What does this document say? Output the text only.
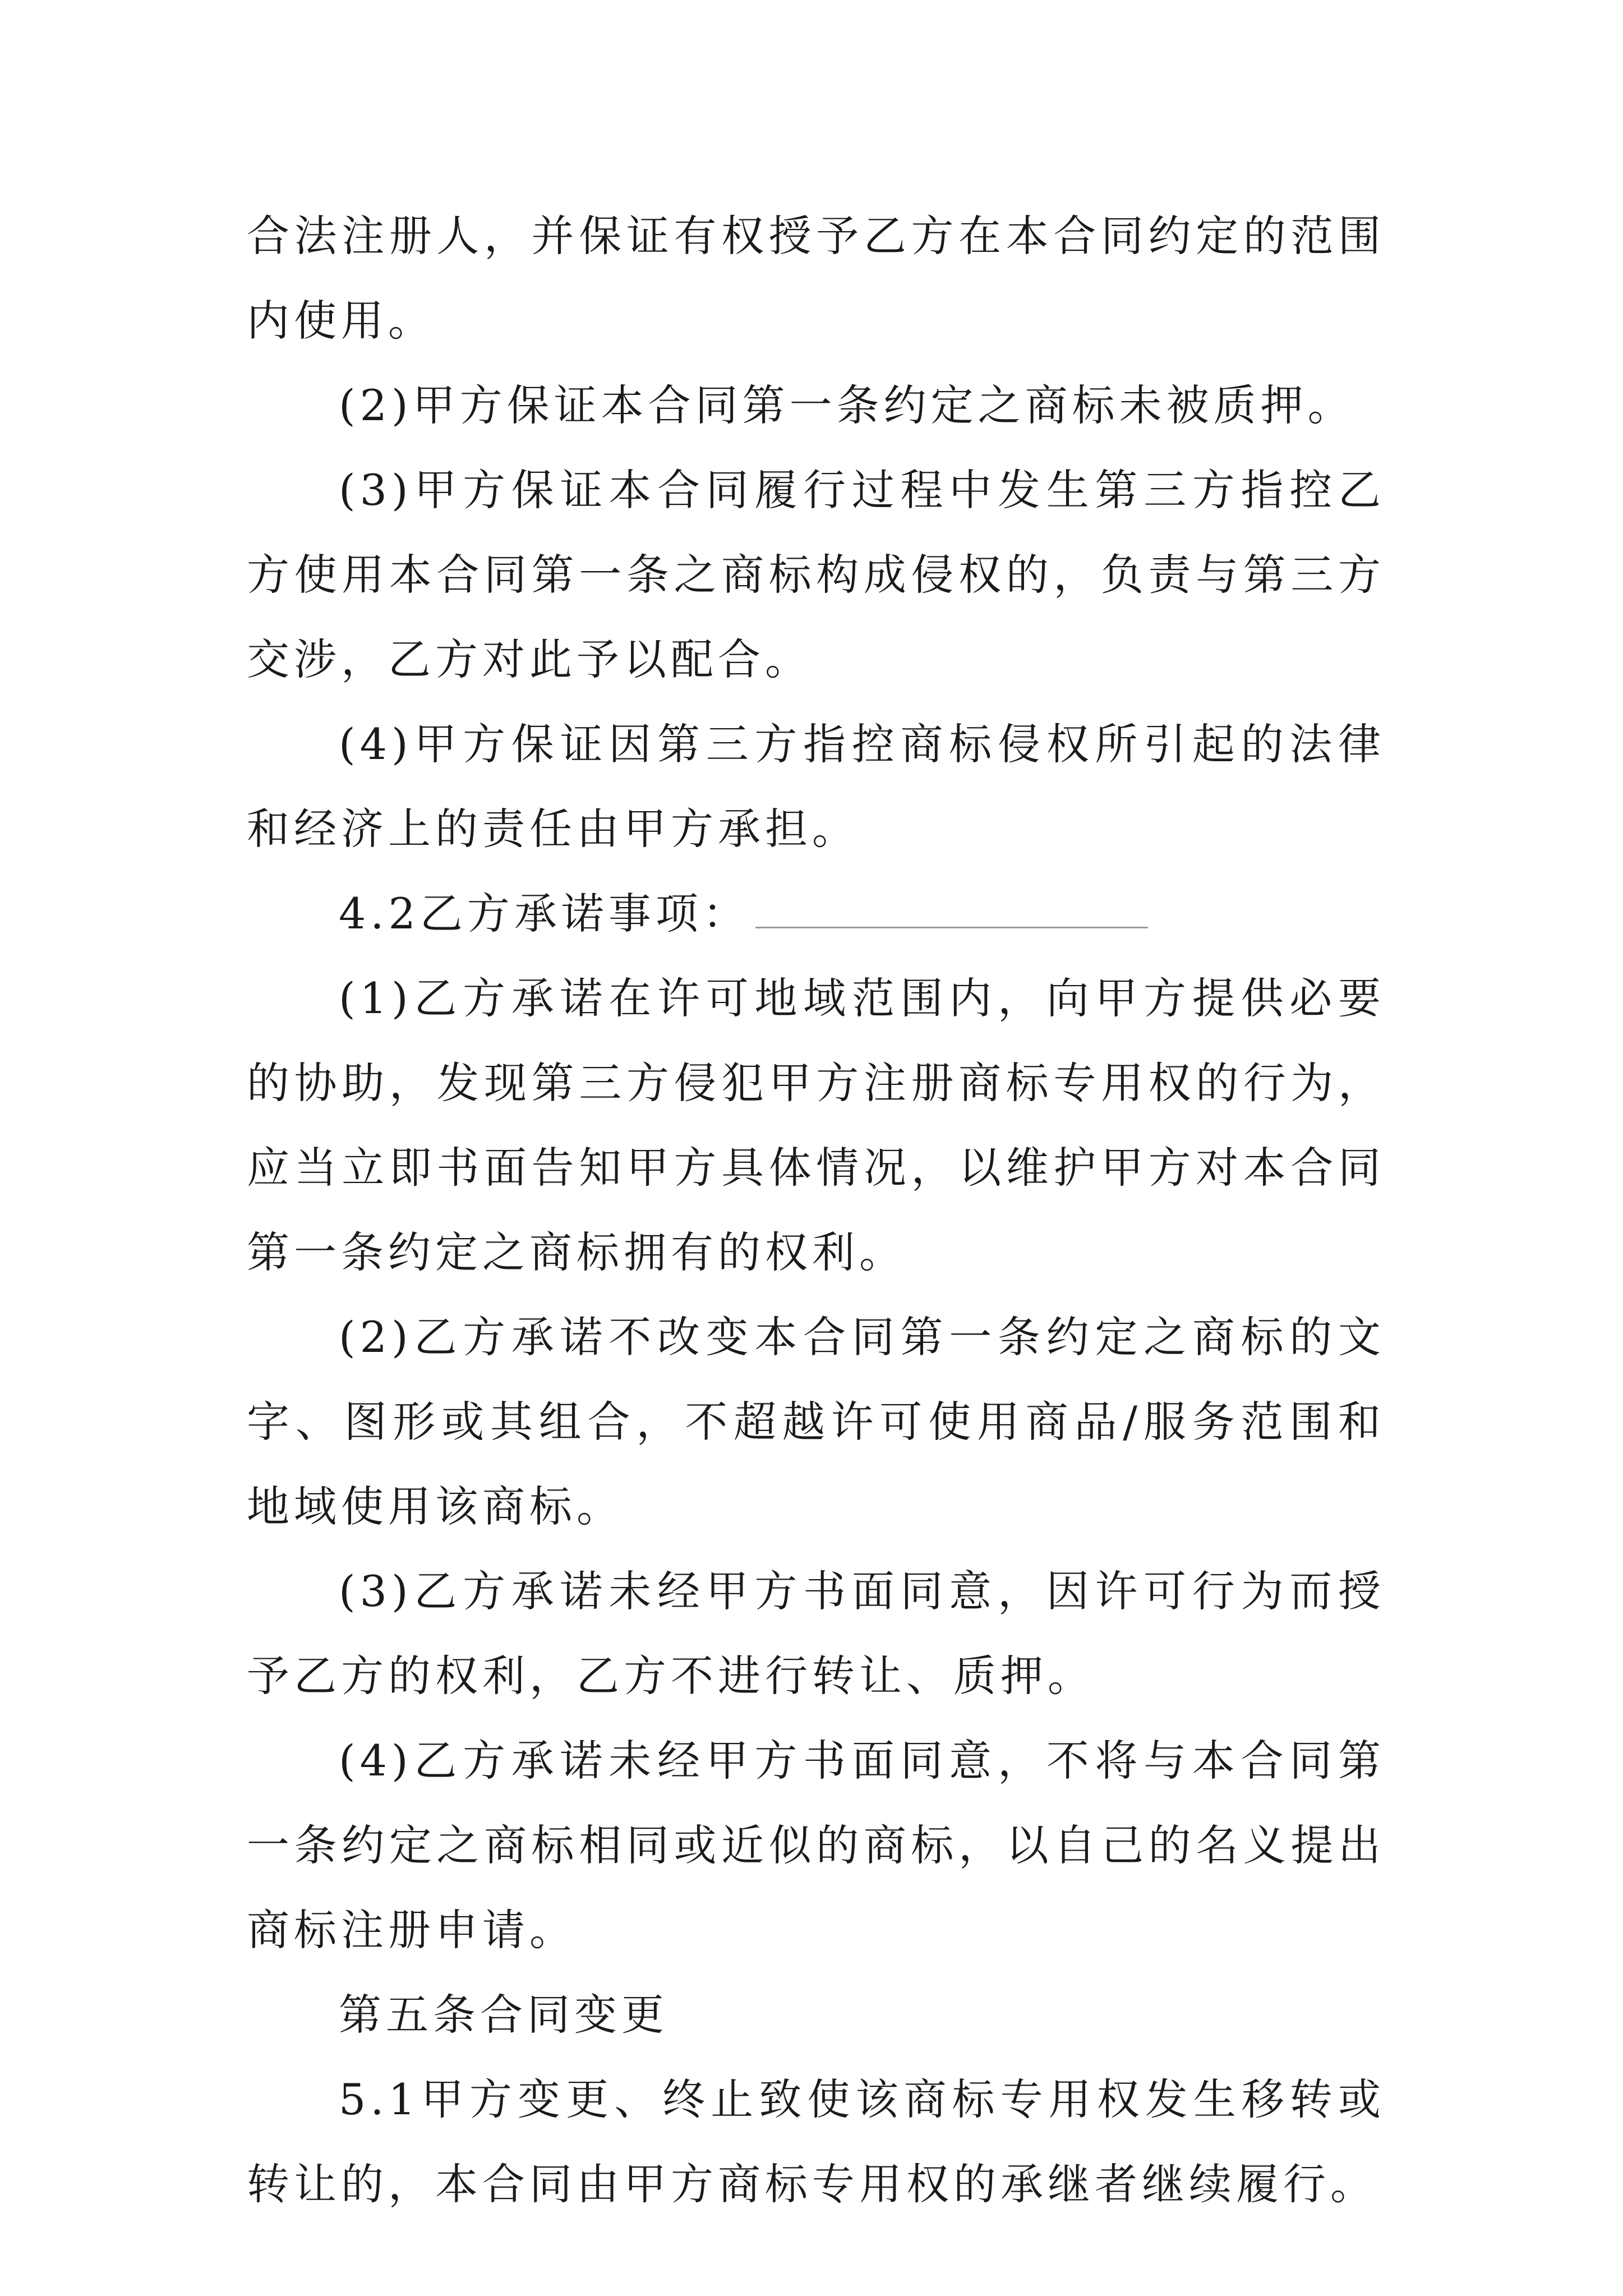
合法注册人，并保证有权授予乙方在本合同约定的范围内使用。

(2)甲方保证本合同第一条约定之商标未被质押。

(3)甲方保证本合同履行过程中发生第三方指控乙方使用本合同第一条之商标构成侵权的，负责与第三方交涉，乙方对此予以配合。

(4)甲方保证因第三方指控商标侵权所引起的法律和经济上的责任由甲方承担。

4.2乙方承诺事项：

(1)乙方承诺在许可地域范围内，向甲方提供必要的协助，发现第三方侵犯甲方注册商标专用权的行为，应当立即书面告知甲方具体情况，以维护甲方对本合同第一条约定之商标拥有的权利。

(2)乙方承诺不改变本合同第一条约定之商标的文字、图形或其组合，不超越许可使用商品/服务范围和地域使用该商标。

(3)乙方承诺未经甲方书面同意，因许可行为而授予乙方的权利，乙方不进行转让、质押。

(4)乙方承诺未经甲方书面同意，不将与本合同第一条约定之商标相同或近似的商标，以自己的名义提出商标注册申请。

第五条合同变更

5.1甲方变更、终止致使该商标专用权发生移转或转让的，本合同由甲方商标专用权的承继者继续履行。
